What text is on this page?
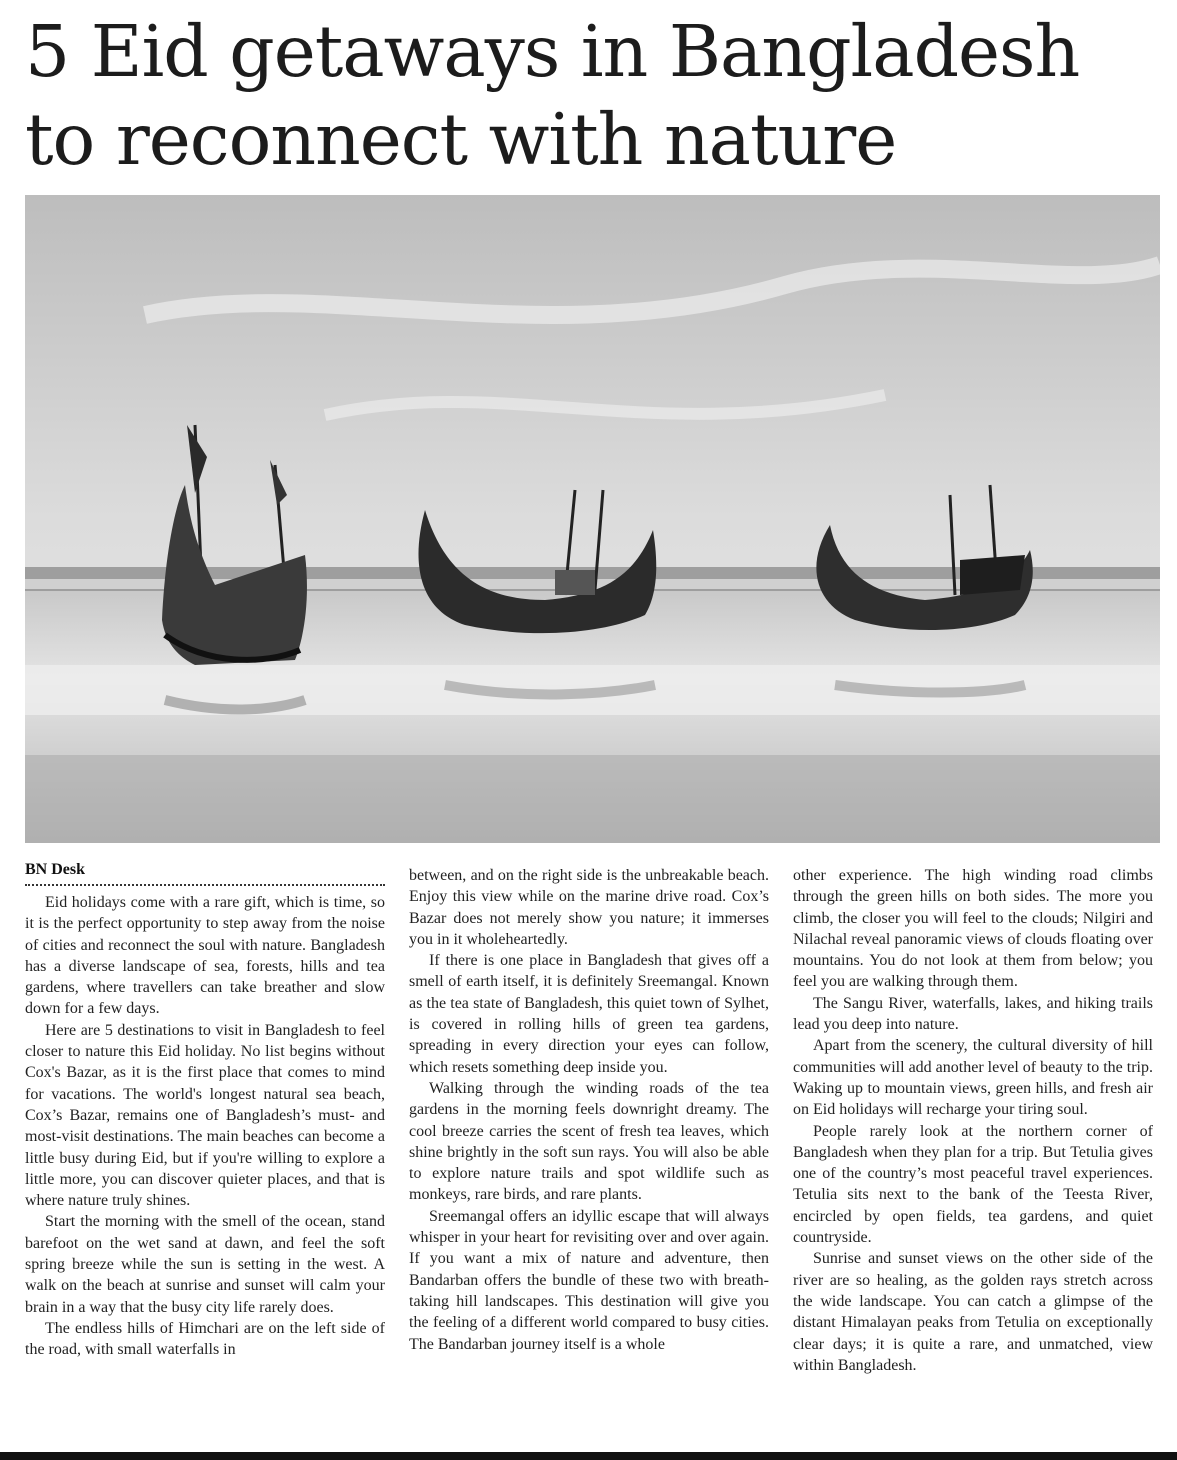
5 Eid getaways in Bangladesh to reconnect with nature
BN Desk

Eid holidays come with a rare gift, which is time, so it is the perfect opportunity to step away from the noise of cities and reconnect the soul with nature. Bangladesh has a diverse landscape of sea, forests, hills and tea gardens, where travellers can take breather and slow down for a few days.

Here are 5 destinations to visit in Bangladesh to feel closer to nature this Eid holiday. No list begins without Cox's Bazar, as it is the first place that comes to mind for vacations. The world's longest natural sea beach, Cox’s Bazar, remains one of Bangladesh’s must- and most-visit destinations. The main beaches can become a little busy during Eid, but if you're willing to explore a little more, you can discover quieter places, and that is where nature truly shines.

Start the morning with the smell of the ocean, stand barefoot on the wet sand at dawn, and feel the soft spring breeze while the sun is setting in the west. A walk on the beach at sunrise and sunset will calm your brain in a way that the busy city life rarely does.

The endless hills of Himchari are on the left side of the road, with small waterfalls in

between, and on the right side is the unbreakable beach. Enjoy this view while on the marine drive road. Cox’s Bazar does not merely show you nature; it immerses you in it wholeheartedly.

If there is one place in Bangladesh that gives off a smell of earth itself, it is definitely Sreemangal. Known as the tea state of Bangladesh, this quiet town of Sylhet, is covered in rolling hills of green tea gardens, spreading in every direction your eyes can follow, which resets something deep inside you.

Walking through the winding roads of the tea gardens in the morning feels downright dreamy. The cool breeze carries the scent of fresh tea leaves, which shine brightly in the soft sun rays. You will also be able to explore nature trails and spot wildlife such as monkeys, rare birds, and rare plants.

Sreemangal offers an idyllic escape that will always whisper in your heart for revisiting over and over again. If you want a mix of nature and adventure, then Bandarban offers the bundle of these two with breath-taking hill landscapes. This destination will give you the feeling of a different world compared to busy cities. The Bandarban journey itself is a whole

other experience. The high winding road climbs through the green hills on both sides. The more you climb, the closer you will feel to the clouds; Nilgiri and Nilachal reveal panoramic views of clouds floating over mountains. You do not look at them from below; you feel you are walking through them.

The Sangu River, waterfalls, lakes, and hiking trails lead you deep into nature.

Apart from the scenery, the cultural diversity of hill communities will add another level of beauty to the trip. Waking up to mountain views, green hills, and fresh air on Eid holidays will recharge your tiring soul.

People rarely look at the northern corner of Bangladesh when they plan for a trip. But Tetulia gives one of the country’s most peaceful travel experiences. Tetulia sits next to the bank of the Teesta River, encircled by open fields, tea gardens, and quiet countryside.

Sunrise and sunset views on the other side of the river are so healing, as the golden rays stretch across the wide landscape. You can catch a glimpse of the distant Himalayan peaks from Tetulia on exceptionally clear days; it is quite a rare, and unmatched, view within Bangladesh.
